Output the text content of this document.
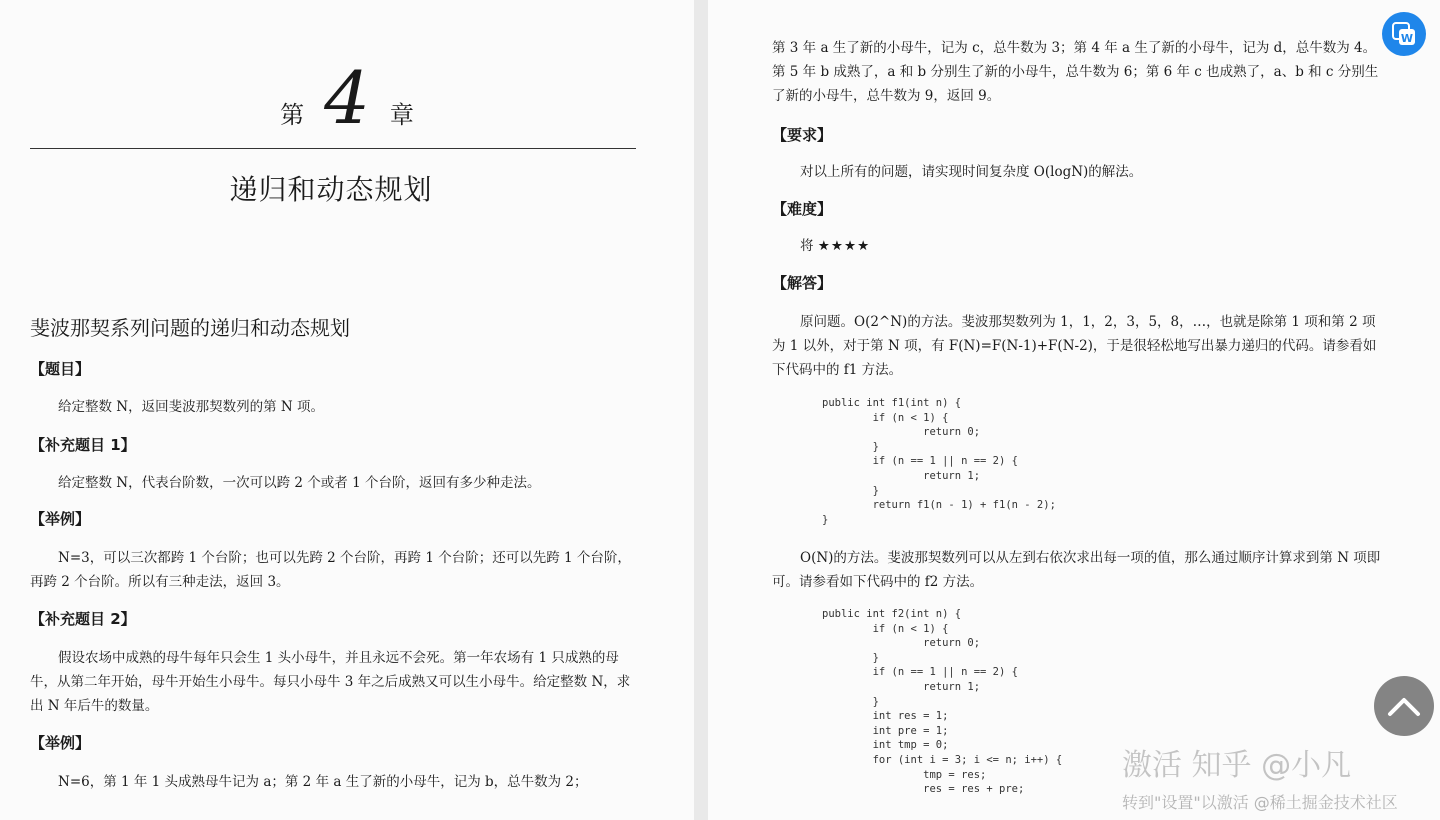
第 4 章
递归和动态规划
斐波那契系列问题的递归和动态规划
【题目】
给定整数 N，返回斐波那契数列的第 N 项。
【补充题目 1】
给定整数 N，代表台阶数，一次可以跨 2 个或者 1 个台阶，返回有多少种走法。
【举例】
N=3，可以三次都跨 1 个台阶；也可以先跨 2 个台阶，再跨 1 个台阶；还可以先跨 1 个台阶，再跨 2 个台阶。所以有三种走法，返回 3。
【补充题目 2】
假设农场中成熟的母牛每年只会生 1 头小母牛，并且永远不会死。第一年农场有 1 只成熟的母牛，从第二年开始，母牛开始生小母牛。每只小母牛 3 年之后成熟又可以生小母牛。给定整数 N，求出 N 年后牛的数量。
【举例】
N=6，第 1 年 1 头成熟母牛记为 a；第 2 年 a 生了新的小母牛，记为 b，总牛数为 2；
第 3 年 a 生了新的小母牛，记为 c，总牛数为 3；第 4 年 a 生了新的小母牛，记为 d，总牛数为 4。第 5 年 b 成熟了，a 和 b 分别生了新的小母牛，总牛数为 6；第 6 年 c 也成熟了，a、b 和 c 分别生了新的小母牛，总牛数为 9，返回 9。
【要求】
对以上所有的问题，请实现时间复杂度 O(logN)的解法。
【难度】
将 ★★★★
【解答】
原问题。O(2^N)的方法。斐波那契数列为 1，1，2，3，5，8，…，也就是除第 1 项和第 2 项为 1 以外，对于第 N 项，有 F(N)=F(N-1)+F(N-2)，于是很轻松地写出暴力递归的代码。请参看如下代码中的 f1 方法。
public int f1(int n) {
if (n < 1) {
return 0;
}
if (n == 1 || n == 2) {
return 1;
}
return f1(n - 1) + f1(n - 2);
}
O(N)的方法。斐波那契数列可以从左到右依次求出每一项的值，那么通过顺序计算求到第 N 项即可。请参看如下代码中的 f2 方法。
public int f2(int n) {
if (n < 1) {
return 0;
}
if (n == 1 || n == 2) {
return 1;
}
int res = 1;
int pre = 1;
int tmp = 0;
for (int i = 3; i <= n; i++) {
tmp = res;
res = res + pre;
W
激活 知乎 @小凡
转到"设置"以激活 @稀土掘金技术社区
